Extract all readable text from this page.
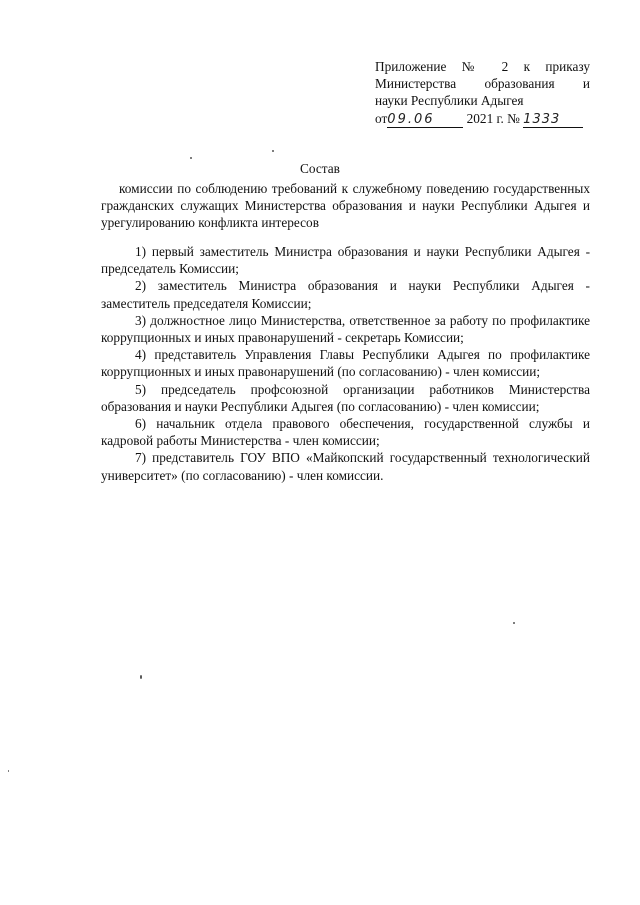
Приложение № 2 к приказу
Министерства образования и
науки Республики Адыгея
от09.06 2021 г. № 1333
Состав
комиссии по соблюдению требований к служебному поведению государственных гражданских служащих Министерства образования и науки Республики Адыгея и урегулированию конфликта интересов
1) первый заместитель Министра образования и науки Республики Адыгея - председатель Комиссии;
2) заместитель Министра образования и науки Республики Адыгея - заместитель председателя Комиссии;
3) должностное лицо Министерства, ответственное за работу по профилактике коррупционных и иных правонарушений - секретарь Комиссии;
4) представитель Управления Главы Республики Адыгея по профилактике коррупционных и иных правонарушений (по согласованию) - член комиссии;
5) председатель профсоюзной организации работников Министерства образования и науки Республики Адыгея (по согласованию) - член комиссии;
6) начальник отдела правового обеспечения, государственной службы и кадровой работы Министерства - член комиссии;
7) представитель ГОУ ВПО «Майкопский государственный технологический университет» (по согласованию) - член комиссии.
